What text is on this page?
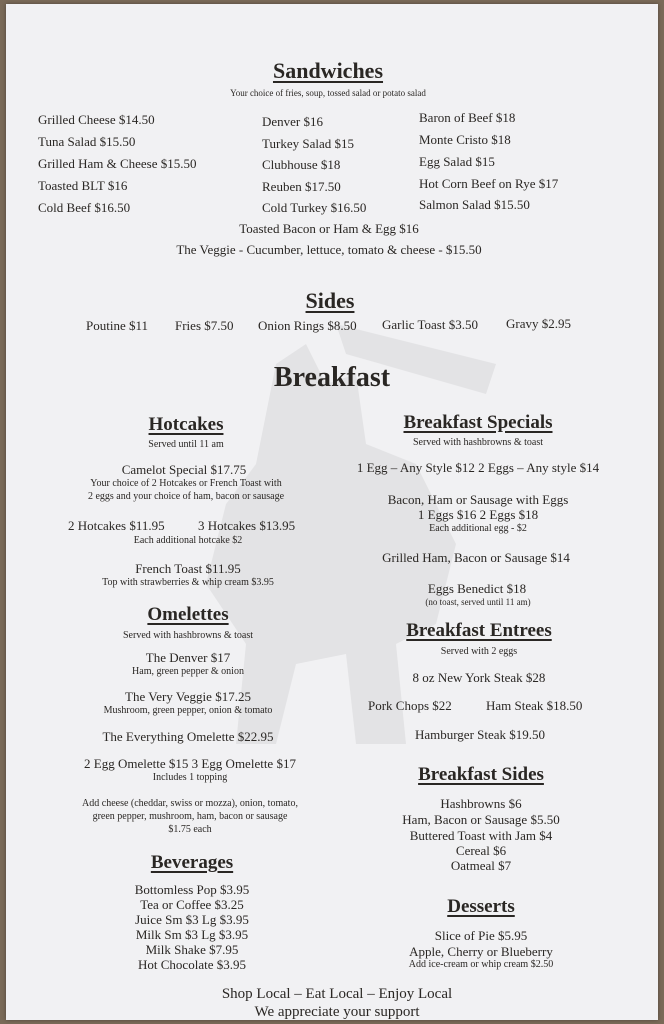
Sandwiches
Your choice of fries, soup, tossed salad or potato salad
Grilled Cheese $14.50
Tuna Salad $15.50
Grilled Ham & Cheese $15.50
Toasted BLT $16
Cold Beef $16.50
Denver $16
Turkey Salad $15
Clubhouse $18
Reuben $17.50
Cold Turkey $16.50
Baron of Beef $18
Monte Cristo $18
Egg Salad $15
Hot Corn Beef on Rye $17
Salmon Salad $15.50
Toasted Bacon or Ham & Egg $16
The Veggie - Cucumber, lettuce, tomato & cheese - $15.50
Sides
Poutine $11 Fries $7.50 Onion Rings $8.50 Garlic Toast $3.50 Gravy $2.95
Breakfast
Hotcakes
Served until 11 am
Camelot Special $17.75
Your choice of 2 Hotcakes or French Toast with
2 eggs and your choice of ham, bacon or sausage
2 Hotcakes $11.95	3 Hotcakes $13.95
Each additional hotcake $2
French Toast $11.95
Top with strawberries & whip cream $3.95
Omelettes
Served with hashbrowns & toast
The Denver $17
Ham, green pepper & onion
The Very Veggie $17.25
Mushroom, green pepper, onion & tomato
The Everything Omelette $22.95
2 Egg Omelette $15 3 Egg Omelette $17
Includes 1 topping
Add cheese (cheddar, swiss or mozza), onion, tomato,
green pepper, mushroom, ham, bacon or sausage
$1.75 each
Beverages
Bottomless Pop $3.95
Tea or Coffee $3.25
Juice Sm $3 Lg $3.95
Milk Sm $3 Lg $3.95
Milk Shake $7.95
Hot Chocolate $3.95
Breakfast Specials
Served with hashbrowns & toast
1 Egg – Any Style $12 2 Eggs – Any style $14
Bacon, Ham or Sausage with Eggs
1 Eggs $16 2 Eggs $18
Each additional egg - $2
Grilled Ham, Bacon or Sausage $14
Eggs Benedict $18
(no toast, served until 11 am)
Breakfast Entrees
Served with 2 eggs
8 oz New York Steak $28
Pork Chops $22	Ham Steak $18.50
Hamburger Steak $19.50
Breakfast Sides
Hashbrowns $6
Ham, Bacon or Sausage $5.50
Buttered Toast with Jam $4
Cereal $6
Oatmeal $7
Desserts
Slice of Pie $5.95
Apple, Cherry or Blueberry
Add ice-cream or whip cream $2.50
Shop Local – Eat Local – Enjoy Local
We appreciate your support
